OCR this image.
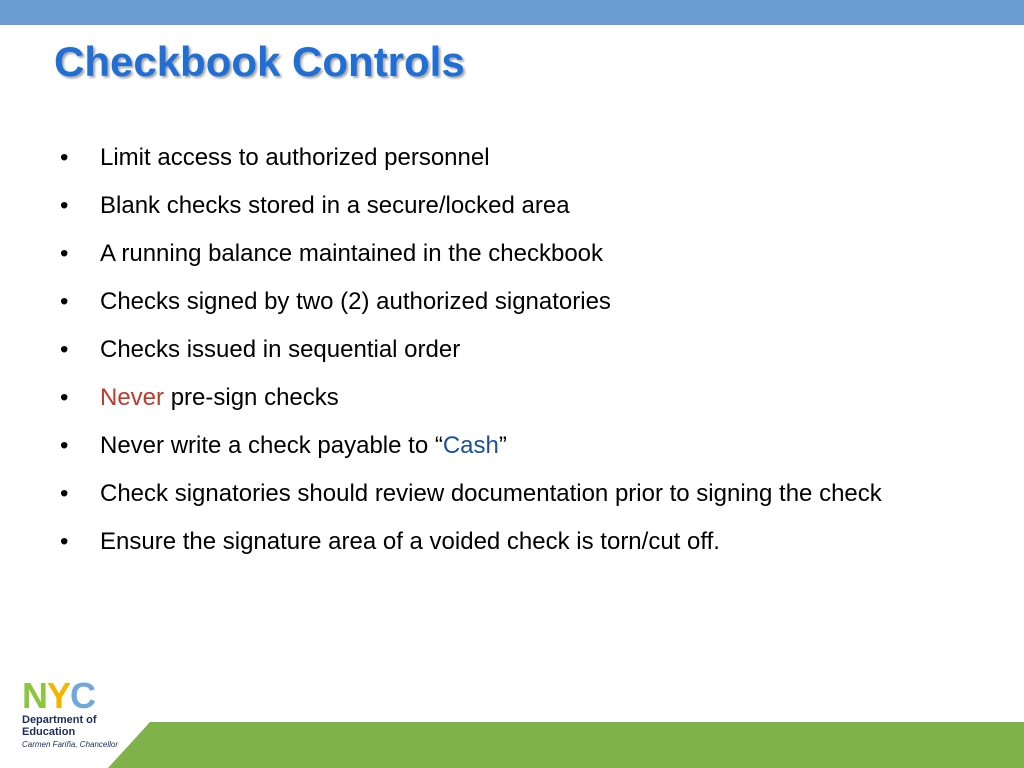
Checkbook Controls
•	Limit access to authorized personnel
•	Blank checks stored in a secure/locked area
•	A running balance maintained in the checkbook
•	Checks signed by two (2) authorized signatories
•	Checks issued in sequential order
•	Never pre-sign checks
•	Never write a check payable to “Cash”
•	Check signatories should review documentation prior to signing the check
•	Ensure the signature area of a voided check is torn/cut off.
NYC

Department of
Education

Carmen Fariña, Chancellor
